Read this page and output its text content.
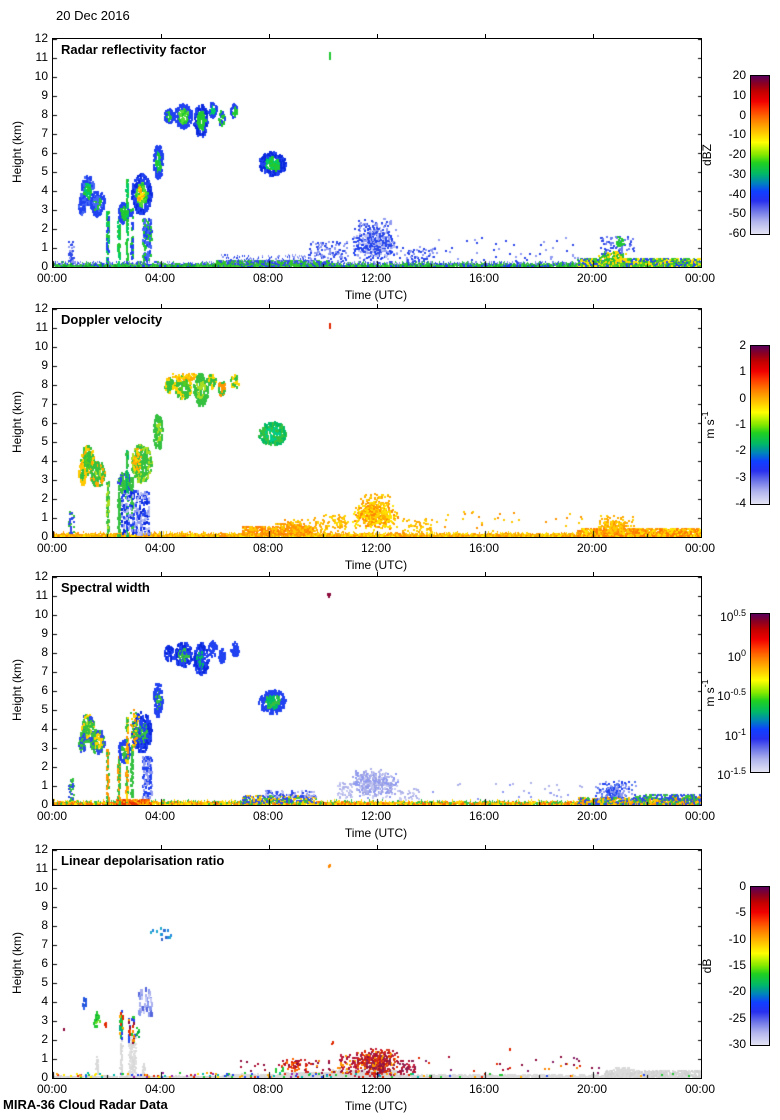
20 Dec 2016
Height (km)
0
1
2
3
4
5
6
7
8
9
10
11
12
Radar reflectivity factor
00:00	04:00	08:00	12:00	16:00	20:00	00:00
Time (UTC)
20
10
0
-10
-20
-30
-40
-50
-60
dBZ
Height (km)
0
1
2
3
4
5
6
7
8
9
10
11
12
Doppler velocity
00:00	04:00	08:00	12:00	16:00	20:00	00:00
Time (UTC)
2
1
0
-1
-2
-3
-4
m $s^{-1}$
Height (km)
0
1
2
3
4
5
6
7
8
9
10
11
12
Spectral width
00:00	04:00	08:00	12:00	16:00	20:00	00:00
Time (UTC)
$10^{0.5}$
$10^0$
$10^{-0.5}$
$10^{-1}$
$10^{-1.5}$
m $s^{-1}$
Height (km)
0
1
2
3
4
5
6
7
8
9
10
11
12
Linear depolarisation ratio
00:00	04:00	08:00	12:00	16:00	20:00	00:00
Time (UTC)
0
-5
-10
-15
-20
-25
-30
dB
MIRA-36 Cloud Radar Data
